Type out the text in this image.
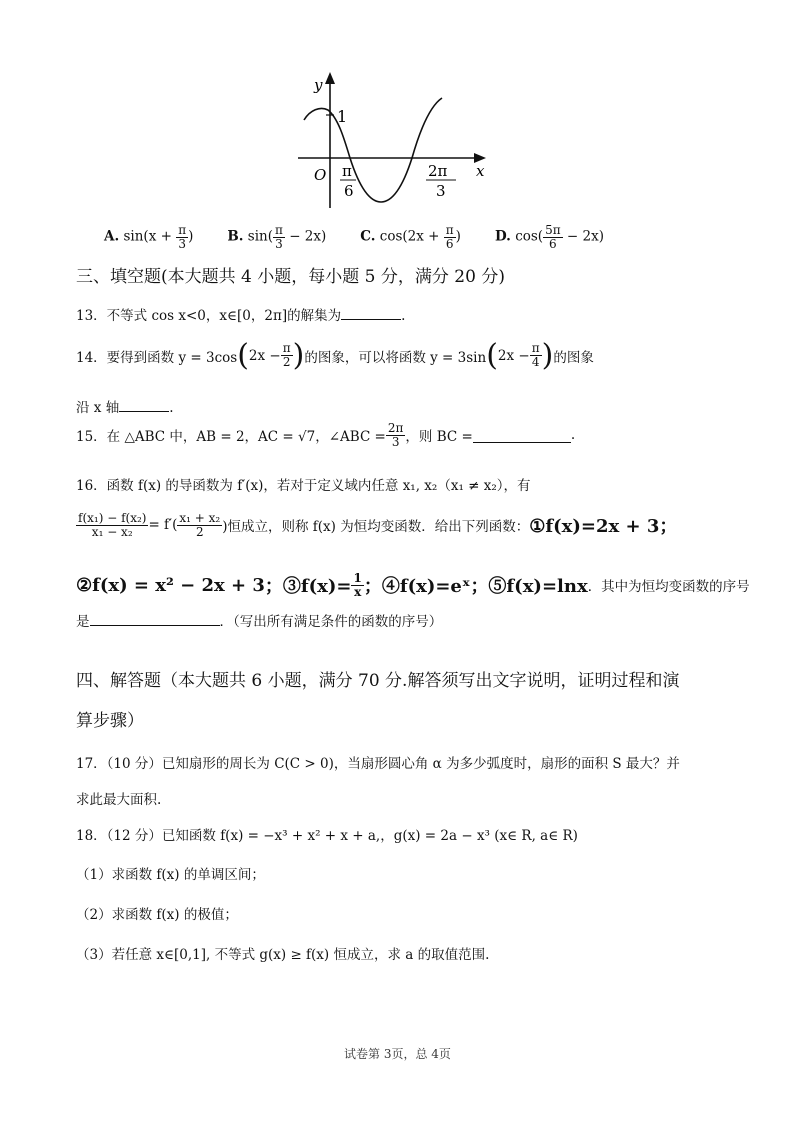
y
1
O	x
π
6
2π
3
A. $\sin(x + \frac{\pi}{3}$ )	B. $\sin( \frac{\pi}{3} - 2x)$	C. $\cos(2x + \frac{\pi}{6}$ )	D. $\cos( \frac{5\pi}{6} - 2x)$
三、填空题(本大题共 4 小题，每小题 5 分，满分 20 分)
13．不等式 cos x<0，x∈[0，2π]的解集为	.
14．要得到函数 y = 3cos ( $2x - \frac{\pi}{2}$ ) 的图象，可以将函数 y = 3sin ( $2x - \frac{\pi}{4}$ ) 的图象
沿 x 轴	.
15．在 △ABC 中，AB = 2，AC = √7，∠ABC = $\frac{2\pi}{3}$ ，则 BC =	.
16．函数 f(x) 的导函数为 f′(x)，若对于定义域内任意 x₁, x₂（x₁ ≠ x₂），有
$\frac{\text{f(x₁) − f(x₂)}}{\text{x₁ − x₂}} = f'( \frac{\text{x₁ + x₂}}{2}$ )恒成立，则称 f(x) 为恒均变函数．给出下列函数： ①f(x)=2x + 3；
②f(x) = x² − 2x + 3 ；③f(x)= $\frac{1}{x}$ ；④f(x)=eˣ ；⑤f(x)=lnx ．其中为恒均变函数的序号
是	．（写出所有满足条件的函数的序号）
四、解答题（本大题共 6 小题，满分 70 分.解答须写出文字说明，证明过程和演
算步骤）
17．（10 分）已知扇形的周长为 C(C > 0)，当扇形圆心角 α 为多少弧度时，扇形的面积 S 最大？并
求此最大面积.
18．（12 分）已知函数 f(x) = −x³ + x² + x + a,，g(x) = 2a − x³ (x∈ R, a∈ R)
（1）求函数 f(x) 的单调区间；
（2）求函数 f(x) 的极值；
（3）若任意 x∈[0,1], 不等式 g(x) ≥ f(x) 恒成立，求 a 的取值范围.
试卷第 3页，总 4页
